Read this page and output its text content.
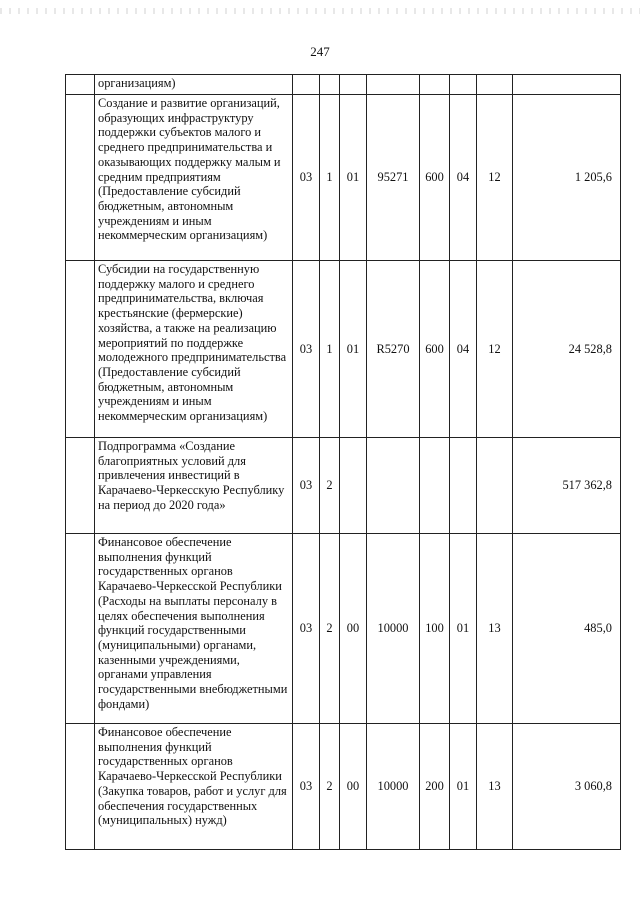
247
	организациям)								
	Создание и развитие организаций, образующих инфраструктуру поддержки субъектов малого и среднего предпринимательства и оказывающих поддержку малым и средним предприятиям (Предоставление субсидий бюджетным, автономным учреждениям и иным некоммерческим организациям)	03	1	01	95271	600	04	12	1 205,6
	Субсидии на государственную поддержку малого и среднего предпринимательства, включая крестьянские (фермерские) хозяйства, а также на реализацию мероприятий по поддержке молодежного предпринимательства (Предоставление субсидий бюджетным, автономным учреждениям и иным некоммерческим организациям)	03	1	01	R5270	600	04	12	24 528,8
	Подпрограмма «Создание благоприятных условий для привлечения инвестиций в Карачаево-Черкесскую Республику на период до 2020 года»	03	2						517 362,8
	Финансовое обеспечение выполнения функций государственных органов Карачаево-Черкесской Республики (Расходы на выплаты персоналу в целях обеспечения выполнения функций государственными (муниципальными) органами, казенными учреждениями, органами управления государственными внебюджетными фондами)	03	2	00	10000	100	01	13	485,0
	Финансовое обеспечение выполнения функций государственных органов Карачаево-Черкесской Республики (Закупка товаров, работ и услуг для обеспечения государственных (муниципальных) нужд)	03	2	00	10000	200	01	13	3 060,8
